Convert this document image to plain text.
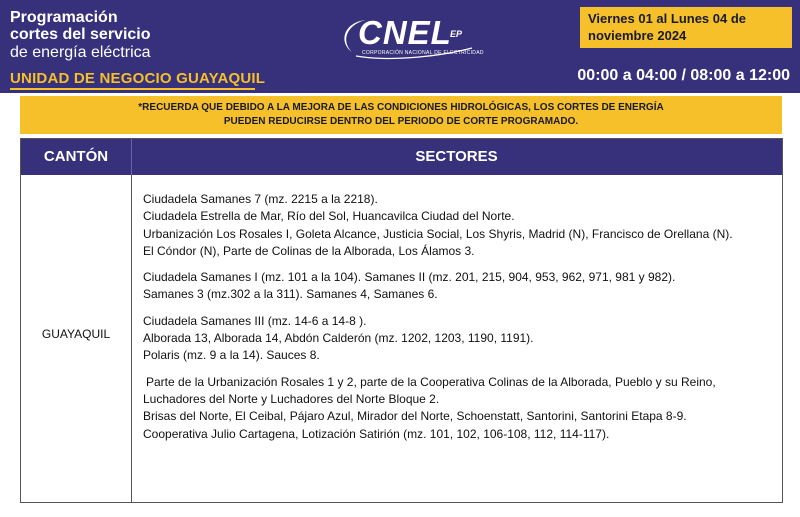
Programación
cortes del servicio
de energía eléctrica
UNIDAD DE NEGOCIO GUAYAQUIL
CNEL
EP
CORPORACIÓN NACIONAL DE ELECTRICIDAD
Viernes 01 al Lunes 04 de
noviembre 2024
00:00 a 04:00 / 08:00 a 12:00
*RECUERDA QUE DEBIDO A LA MEJORA DE LAS CONDICIONES HIDROLÓGICAS, LOS CORTES DE ENERGÍA
PUEDEN REDUCIRSE DENTRO DEL PERIODO DE CORTE PROGRAMADO.
CANTÓN	SECTORES
GUAYAQUIL
Ciudadela Samanes 7 (mz. 2215 a la 2218).
Ciudadela Estrella de Mar, Río del Sol, Huancavilca Ciudad del Norte.
Urbanización Los Rosales I, Goleta Alcance, Justicia Social, Los Shyris, Madrid (N), Francisco de Orellana (N).
El Cóndor (N), Parte de Colinas de la Alborada, Los Álamos 3.
Ciudadela Samanes I (mz. 101 a la 104). Samanes II (mz. 201, 215, 904, 953, 962, 971, 981 y 982).
Samanes 3 (mz.302 a la 311). Samanes 4, Samanes 6.
Ciudadela Samanes III (mz. 14-6 a 14-8 ).
Alborada 13, Alborada 14, Abdón Calderón (mz. 1202, 1203, 1190, 1191).
Polaris (mz. 9 a la 14). Sauces 8.
Parte de la Urbanización Rosales 1 y 2, parte de la Cooperativa Colinas de la Alborada, Pueblo y su Reino,
Luchadores del Norte y Luchadores del Norte Bloque 2.
Brisas del Norte, El Ceibal, Pájaro Azul, Mirador del Norte, Schoenstatt, Santorini, Santorini Etapa 8-9.
Cooperativa Julio Cartagena, Lotización Satirión (mz. 101, 102, 106-108, 112, 114-117).
